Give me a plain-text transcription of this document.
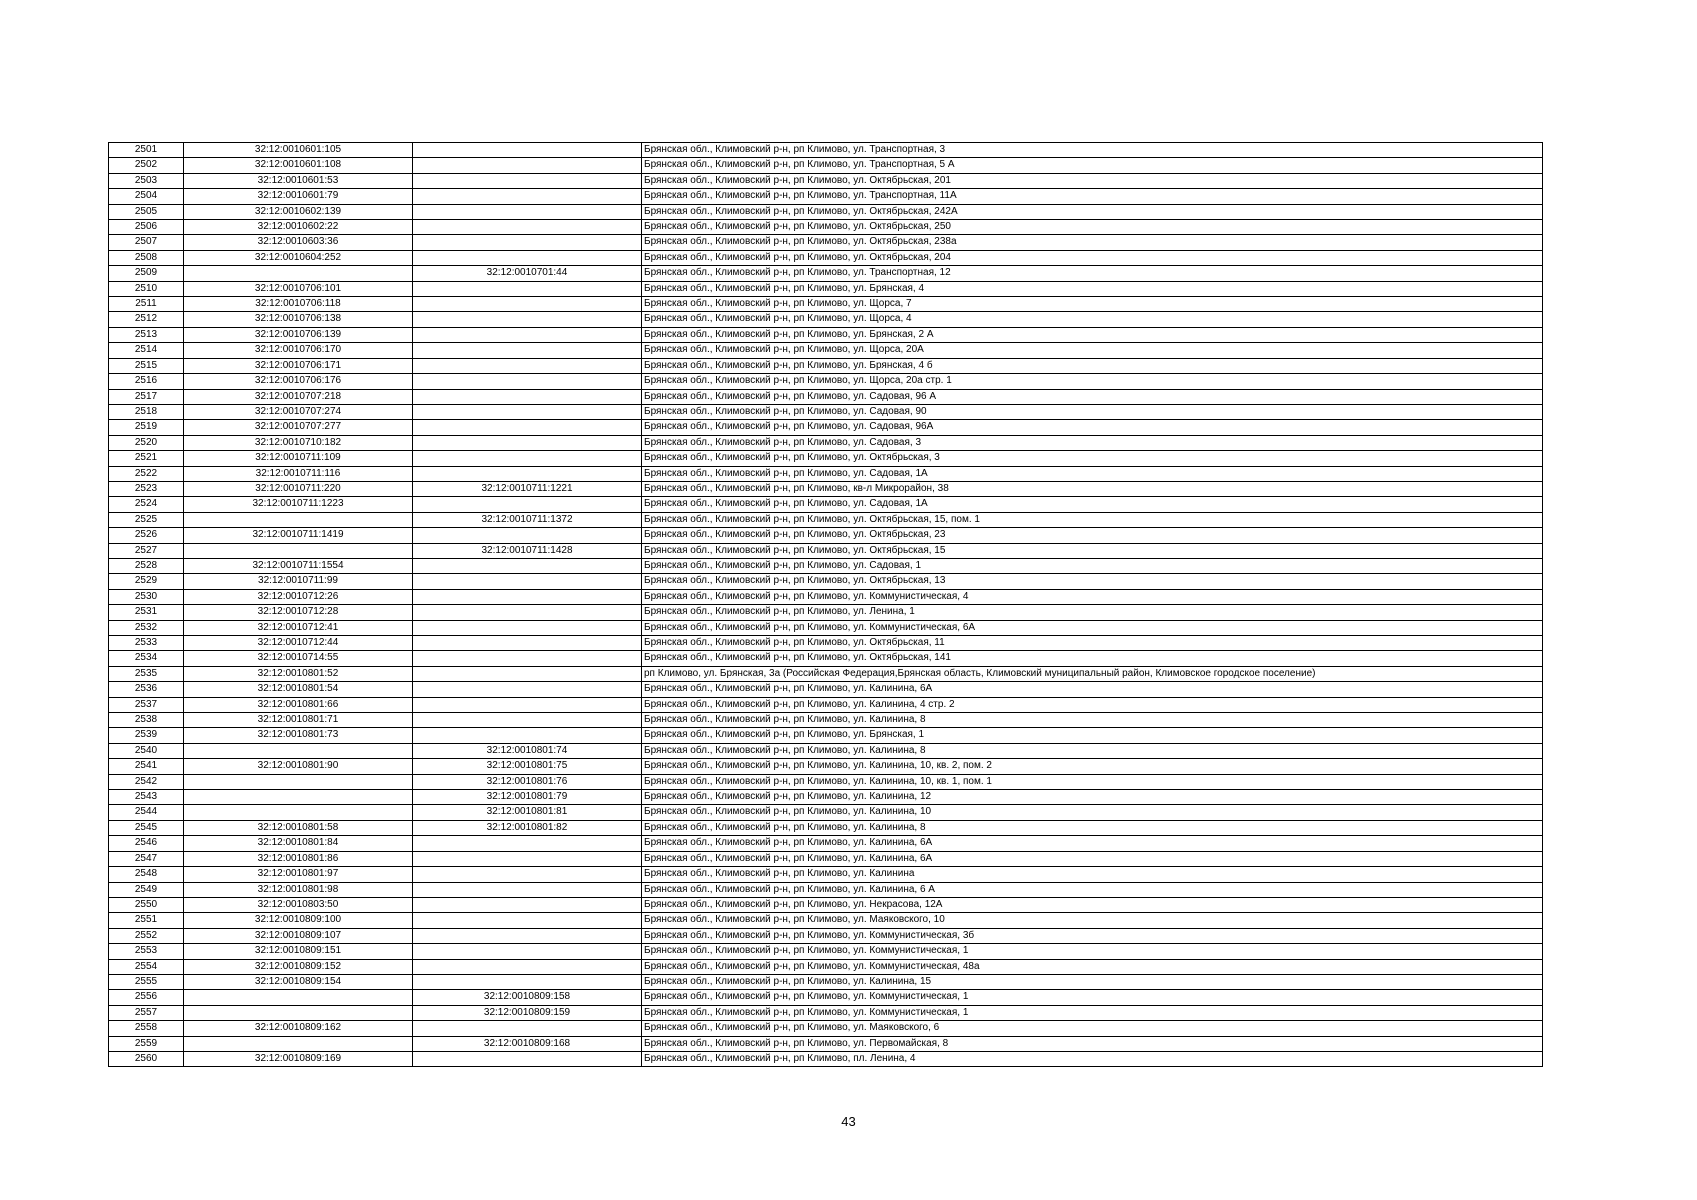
2501	32:12:0010601:105		Брянская обл., Климовский р-н, рп Климово, ул. Транспортная, 3
2502	32:12:0010601:108		Брянская обл., Климовский р-н, рп Климово, ул. Транспортная, 5 А
2503	32:12:0010601:53		Брянская обл., Климовский р-н, рп Климово, ул. Октябрьская, 201
2504	32:12:0010601:79		Брянская обл., Климовский р-н, рп Климово, ул. Транспортная, 11А
2505	32:12:0010602:139		Брянская обл., Климовский р-н, рп Климово, ул. Октябрьская, 242А
2506	32:12:0010602:22		Брянская обл., Климовский р-н, рп Климово, ул. Октябрьская, 250
2507	32:12:0010603:36		Брянская обл., Климовский р-н, рп Климово, ул. Октябрьская, 238а
2508	32:12:0010604:252		Брянская обл., Климовский р-н, рп Климово, ул. Октябрьская, 204
2509		32:12:0010701:44	Брянская обл., Климовский р-н, рп Климово, ул. Транспортная, 12
2510	32:12:0010706:101		Брянская обл., Климовский р-н, рп Климово, ул. Брянская, 4
2511	32:12:0010706:118		Брянская обл., Климовский р-н, рп Климово, ул. Щорса, 7
2512	32:12:0010706:138		Брянская обл., Климовский р-н, рп Климово, ул. Щорса, 4
2513	32:12:0010706:139		Брянская обл., Климовский р-н, рп Климово, ул. Брянская, 2 А
2514	32:12:0010706:170		Брянская обл., Климовский р-н, рп Климово, ул. Щорса, 20А
2515	32:12:0010706:171		Брянская обл., Климовский р-н, рп Климово, ул. Брянская, 4 б
2516	32:12:0010706:176		Брянская обл., Климовский р-н, рп Климово, ул. Щорса, 20а стр. 1
2517	32:12:0010707:218		Брянская обл., Климовский р-н, рп Климово, ул. Садовая, 96 А
2518	32:12:0010707:274		Брянская обл., Климовский р-н, рп Климово, ул. Садовая, 90
2519	32:12:0010707:277		Брянская обл., Климовский р-н, рп Климово, ул. Садовая, 96А
2520	32:12:0010710:182		Брянская обл., Климовский р-н, рп Климово, ул. Садовая, 3
2521	32:12:0010711:109		Брянская обл., Климовский р-н, рп Климово, ул. Октябрьская, 3
2522	32:12:0010711:116		Брянская обл., Климовский р-н, рп Климово, ул. Садовая, 1А
2523	32:12:0010711:220	32:12:0010711:1221	Брянская обл., Климовский р-н, рп Климово, кв-л Микрорайон, 38
2524	32:12:0010711:1223		Брянская обл., Климовский р-н, рп Климово, ул. Садовая, 1А
2525		32:12:0010711:1372	Брянская обл., Климовский р-н, рп Климово, ул. Октябрьская, 15, пом. 1
2526	32:12:0010711:1419		Брянская обл., Климовский р-н, рп Климово, ул. Октябрьская, 23
2527		32:12:0010711:1428	Брянская обл., Климовский р-н, рп Климово, ул. Октябрьская, 15
2528	32:12:0010711:1554		Брянская обл., Климовский р-н, рп Климово, ул. Садовая, 1
2529	32:12:0010711:99		Брянская обл., Климовский р-н, рп Климово, ул. Октябрьская, 13
2530	32:12:0010712:26		Брянская обл., Климовский р-н, рп Климово, ул. Коммунистическая, 4
2531	32:12:0010712:28		Брянская обл., Климовский р-н, рп Климово, ул. Ленина, 1
2532	32:12:0010712:41		Брянская обл., Климовский р-н, рп Климово, ул. Коммунистическая, 6А
2533	32:12:0010712:44		Брянская обл., Климовский р-н, рп Климово, ул. Октябрьская, 11
2534	32:12:0010714:55		Брянская обл., Климовский р-н, рп Климово, ул. Октябрьская, 141
2535	32:12:0010801:52		рп Климово, ул. Брянская, 3а (Российская Федерация,Брянская область, Климовский муниципальный район, Климовское городское поселение)
2536	32:12:0010801:54		Брянская обл., Климовский р-н, рп Климово, ул. Калинина, 6А
2537	32:12:0010801:66		Брянская обл., Климовский р-н, рп Климово, ул. Калинина, 4 стр. 2
2538	32:12:0010801:71		Брянская обл., Климовский р-н, рп Климово, ул. Калинина, 8
2539	32:12:0010801:73		Брянская обл., Климовский р-н, рп Климово, ул. Брянская, 1
2540		32:12:0010801:74	Брянская обл., Климовский р-н, рп Климово, ул. Калинина, 8
2541	32:12:0010801:90	32:12:0010801:75	Брянская обл., Климовский р-н, рп Климово, ул. Калинина, 10, кв. 2, пом. 2
2542		32:12:0010801:76	Брянская обл., Климовский р-н, рп Климово, ул. Калинина, 10, кв. 1, пом. 1
2543		32:12:0010801:79	Брянская обл., Климовский р-н, рп Климово, ул. Калинина, 12
2544		32:12:0010801:81	Брянская обл., Климовский р-н, рп Климово, ул. Калинина, 10
2545	32:12:0010801:58	32:12:0010801:82	Брянская обл., Климовский р-н, рп Климово, ул. Калинина, 8
2546	32:12:0010801:84		Брянская обл., Климовский р-н, рп Климово, ул. Калинина, 6А
2547	32:12:0010801:86		Брянская обл., Климовский р-н, рп Климово, ул. Калинина, 6А
2548	32:12:0010801:97		Брянская обл., Климовский р-н, рп Климово, ул. Калинина
2549	32:12:0010801:98		Брянская обл., Климовский р-н, рп Климово, ул. Калинина, 6 А
2550	32:12:0010803:50		Брянская обл., Климовский р-н, рп Климово, ул. Некрасова, 12А
2551	32:12:0010809:100		Брянская обл., Климовский р-н, рп Климово, ул. Маяковского, 10
2552	32:12:0010809:107		Брянская обл., Климовский р-н, рп Климово, ул. Коммунистическая, 3б
2553	32:12:0010809:151		Брянская обл., Климовский р-н, рп Климово, ул. Коммунистическая, 1
2554	32:12:0010809:152		Брянская обл., Климовский р-н, рп Климово, ул. Коммунистическая, 48а
2555	32:12:0010809:154		Брянская обл., Климовский р-н, рп Климово, ул. Калинина, 15
2556		32:12:0010809:158	Брянская обл., Климовский р-н, рп Климово, ул. Коммунистическая, 1
2557		32:12:0010809:159	Брянская обл., Климовский р-н, рп Климово, ул. Коммунистическая, 1
2558	32:12:0010809:162		Брянская обл., Климовский р-н, рп Климово, ул. Маяковского, 6
2559		32:12:0010809:168	Брянская обл., Климовский р-н, рп Климово, ул. Первомайская, 8
2560	32:12:0010809:169		Брянская обл., Климовский р-н, рп Климово, пл. Ленина, 4
43
